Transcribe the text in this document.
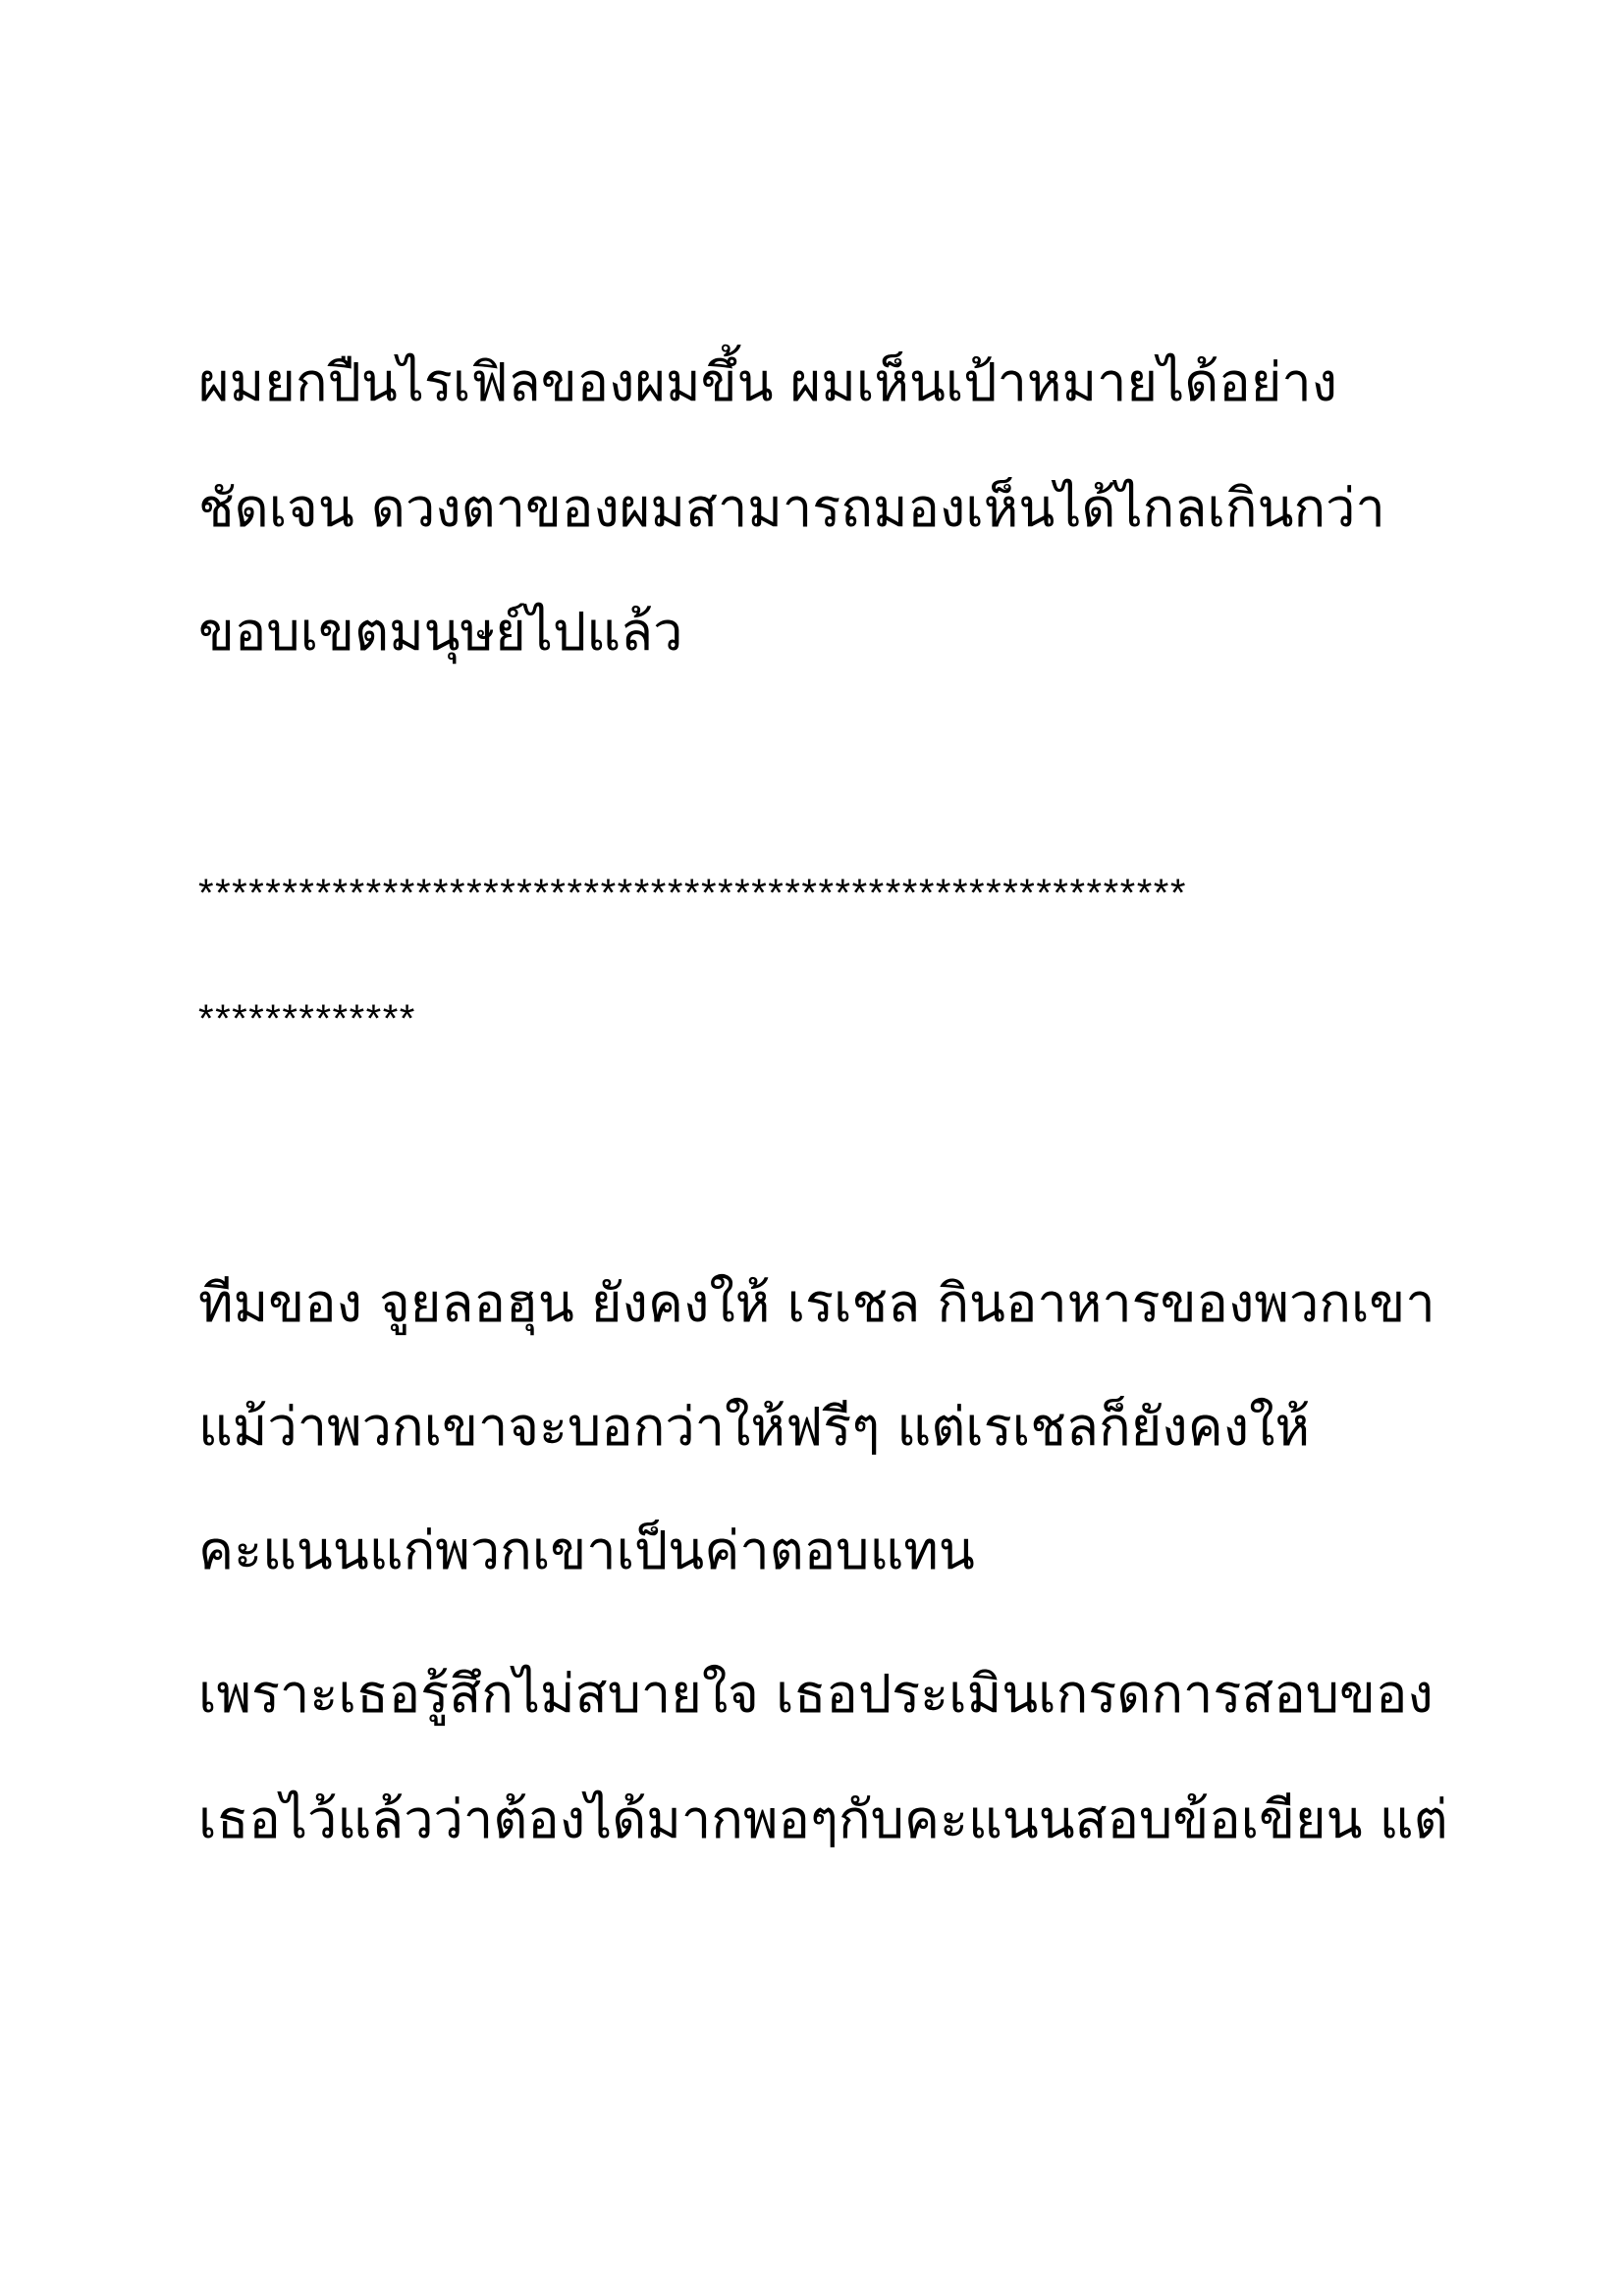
ผมยกปืนไรเฟิลของผมขึ้น ผมเห็นเป้าหมายได้อย่าง

ชัดเจน ดวงตาของผมสามารถมองเห็นได้ไกลเกินกว่า

ขอบเขตมนุษย์ไปแล้ว

***********************************************************

*************

ทีมของ จูยลอฮุน ยังคงให้ เรเชล กินอาหารของพวกเขา

แม้ว่าพวกเขาจะบอกว่าให้ฟรีๆ แต่เรเชลก็ยังคงให้

คะแนนแก่พวกเขาเป็นค่าตอบแทน

เพราะเธอรู้สึกไม่สบายใจ เธอประเมินเกรดการสอบของ

เธอไว้แล้วว่าต้องได้มากพอๆกับคะแนนสอบข้อเขียน แต่
